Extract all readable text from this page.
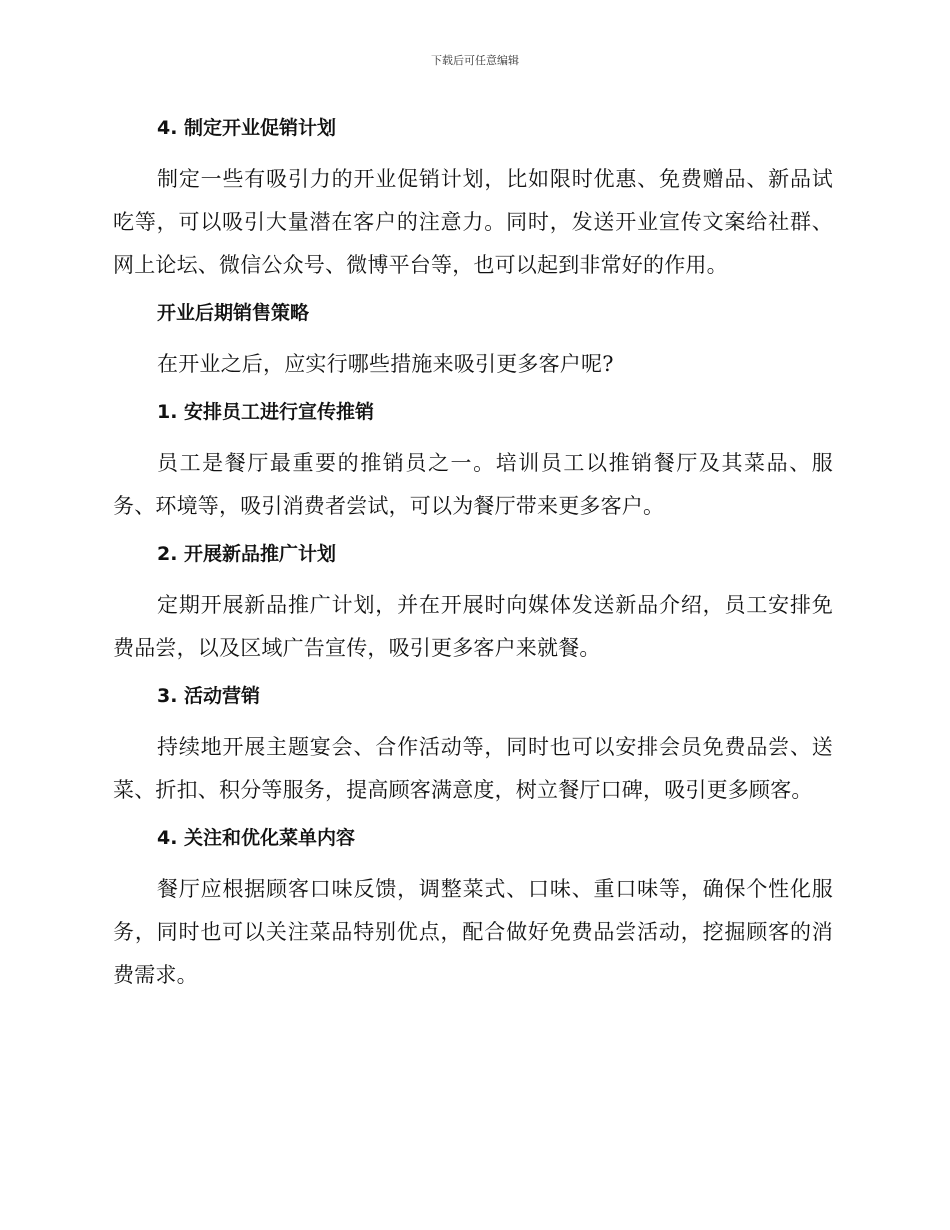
下载后可任意编辑
4. 制定开业促销计划

制定一些有吸引力的开业促销计划，比如限时优惠、免费赠品、新品试吃等，可以吸引大量潜在客户的注意力。同时，发送开业宣传文案给社群、网上论坛、微信公众号、微博平台等，也可以起到非常好的作用。

开业后期销售策略

在开业之后，应实行哪些措施来吸引更多客户呢?

1. 安排员工进行宣传推销

员工是餐厅最重要的推销员之一。培训员工以推销餐厅及其菜品、服务、环境等，吸引消费者尝试，可以为餐厅带来更多客户。

2. 开展新品推广计划

定期开展新品推广计划，并在开展时向媒体发送新品介绍，员工安排免费品尝，以及区域广告宣传，吸引更多客户来就餐。

3. 活动营销

持续地开展主题宴会、合作活动等，同时也可以安排会员免费品尝、送菜、折扣、积分等服务，提高顾客满意度，树立餐厅口碑，吸引更多顾客。

4. 关注和优化菜单内容

餐厅应根据顾客口味反馈，调整菜式、口味、重口味等，确保个性化服务，同时也可以关注菜品特别优点，配合做好免费品尝活动，挖掘顾客的消费需求。
